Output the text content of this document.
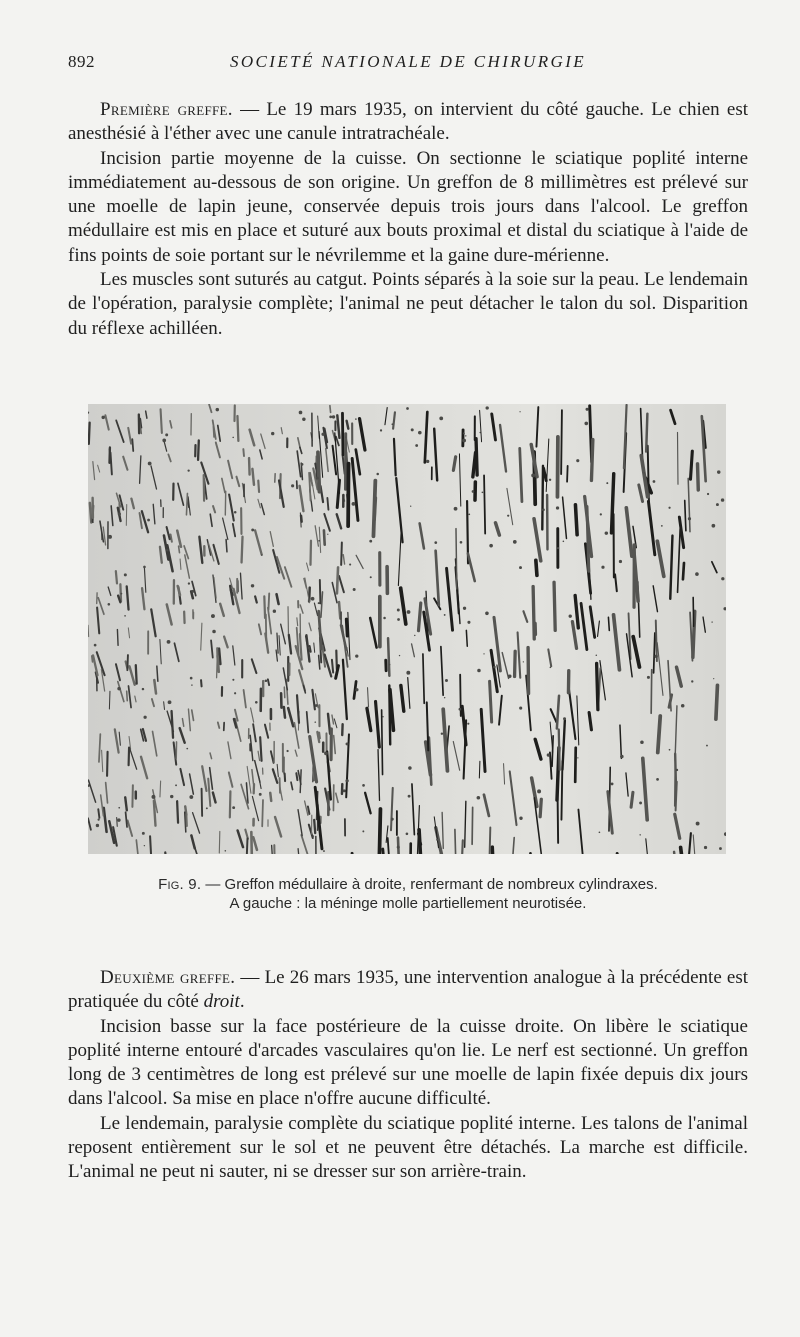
892	SOCIETÉ NATIONALE DE CHIRURGIE

Première greffe. — Le 19 mars 1935, on intervient du côté gauche. Le chien est anesthésié à l'éther avec une canule intratrachéale.

Incision partie moyenne de la cuisse. On sectionne le sciatique poplité interne immédiatement au-dessous de son origine. Un greffon de 8 millimètres est prélevé sur une moelle de lapin jeune, conservée depuis trois jours dans l'alcool. Le greffon médullaire est mis en place et suturé aux bouts proximal et distal du sciatique à l'aide de fins points de soie portant sur le névrilemme et la gaine dure-mérienne.

Les muscles sont suturés au catgut. Points séparés à la soie sur la peau. Le lendemain de l'opération, paralysie complète; l'animal ne peut détacher le talon du sol. Disparition du réflexe achilléen.

Fig. 9. — Greffon médullaire à droite, renfermant de nombreux cylindraxes.
A gauche : la méninge molle partiellement neurotisée.

Deuxième greffe. — Le 26 mars 1935, une intervention analogue à la précédente est pratiquée du côté droit.

Incision basse sur la face postérieure de la cuisse droite. On libère le sciatique poplité interne entouré d'arcades vasculaires qu'on lie. Le nerf est sectionné. Un greffon long de 3 centimètres de long est prélevé sur une moelle de lapin fixée depuis dix jours dans l'alcool. Sa mise en place n'offre aucune difficulté.

Le lendemain, paralysie complète du sciatique poplité interne. Les talons de l'animal reposent entièrement sur le sol et ne peuvent être détachés. La marche est difficile. L'animal ne peut ni sauter, ni se dresser sur son arrière-train.
